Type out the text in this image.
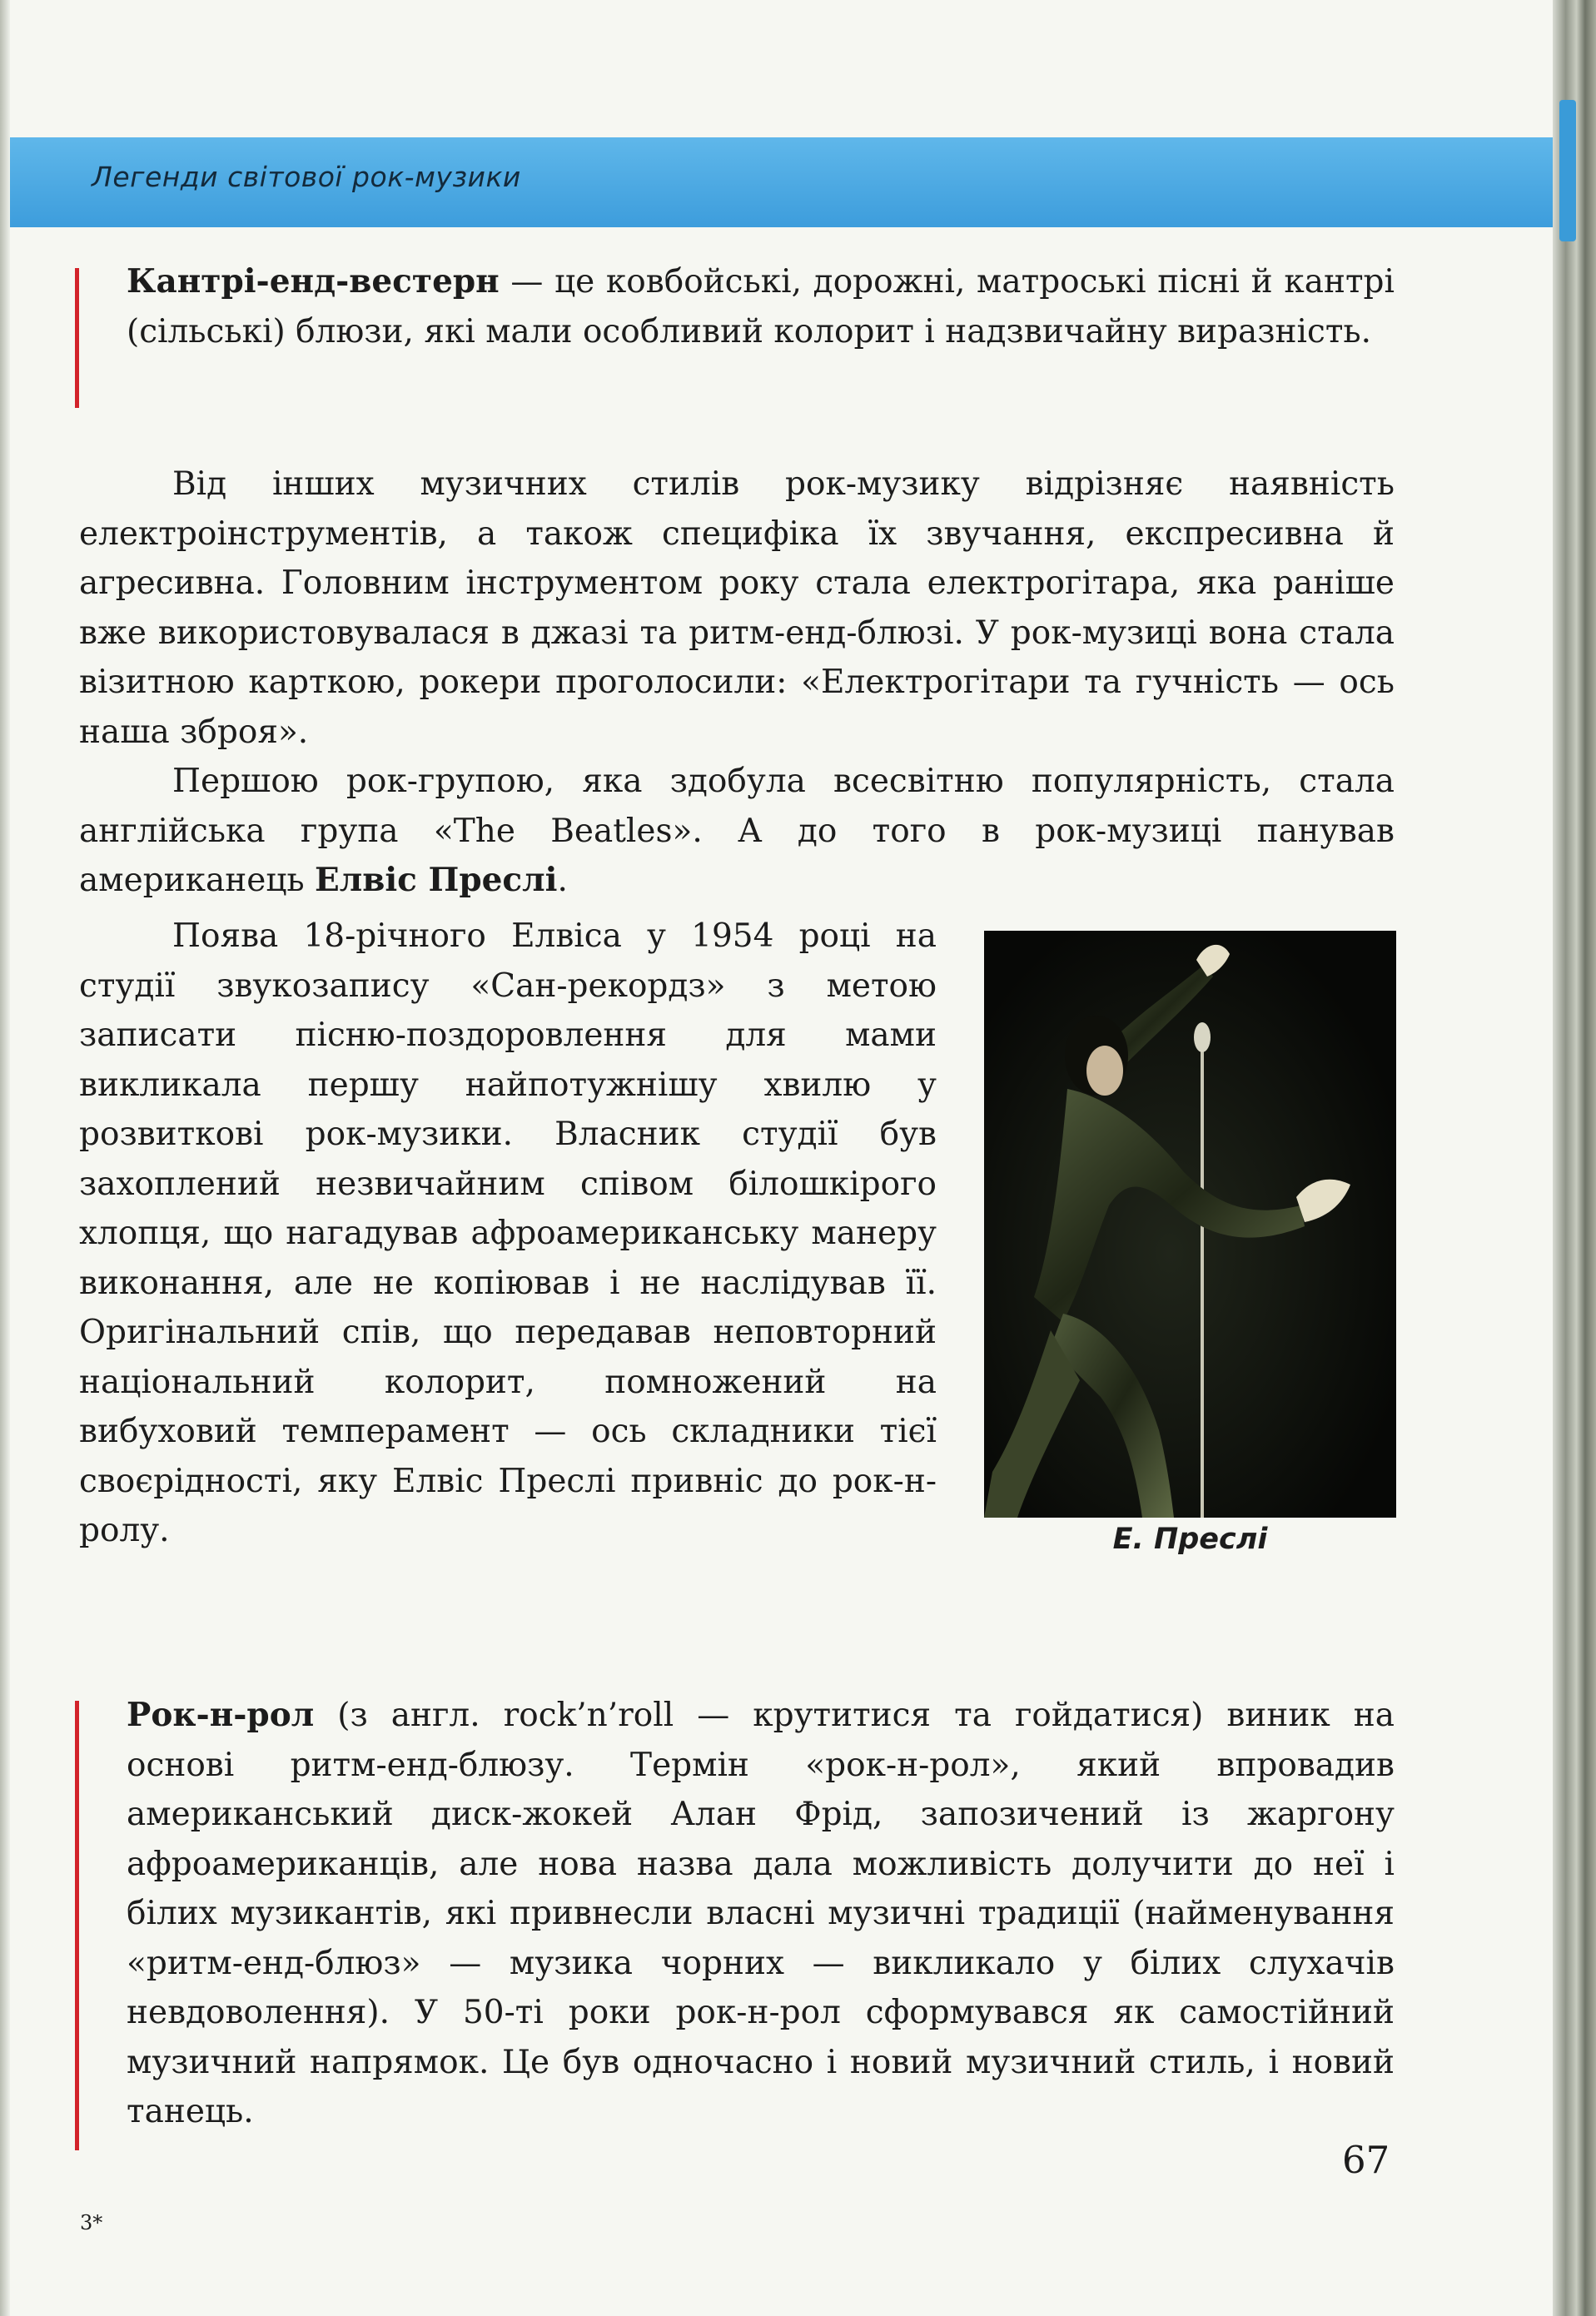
Легенди світової рок-музики

Кантрі-енд-вестерн — це ковбойські, дорожні, матроські пісні й кантрі (сільські) блюзи, які мали особливий колорит і надзвичайну виразність.

Від інших музичних стилів рок-музику відрізняє наявність електроінструментів, а також специфіка їх звучання, експресивна й агресивна. Головним інструментом року стала електрогітара, яка раніше вже використовувалася в джазі та ритм-енд-блюзі. У рок-музиці вона стала візитною карткою, рокери проголосили: «Електрогітари та гучність — ось наша зброя».

Першою рок-групою, яка здобула всесвітню популярність, стала англійська група «The Beatles». А до того в рок-музиці панував американець Елвіс Преслі.

Поява 18-річного Елвіса у 1954 році на студії звукозапису «Сан-рекордз» з метою записати пісню-поздоровлення для мами викликала першу найпотужнішу хвилю у розвиткові рок-музики. Власник студії був захоплений незвичайним співом білошкірого хлопця, що нагадував афроамериканську манеру виконання, але не копіював і не наслідував її. Оригінальний спів, що передавав неповторний національний колорит, помножений на вибуховий темперамент — ось складники тієї своєрідності, яку Елвіс Преслі привніс до рок-н-ролу.	Е. Преслі

Рок-н-рол (з англ. rock’n’roll — крутитися та гойдатися) виник на основі ритм-енд-блюзу. Термін «рок-н-рол», який впровадив американський диск-жокей Алан Фрід, запозичений із жаргону афроамериканців, але нова назва дала можливість долучити до неї і білих музикантів, які привнесли власні музичні традиції (найменування «ритм-енд-блюз» — музика чорних — викликало у білих слухачів невдоволення). У 50-ті роки рок-н-рол сформувався як самостійний музичний напрямок. Це був одночасно і новий музичний стиль, і новий танець.

67
3*
